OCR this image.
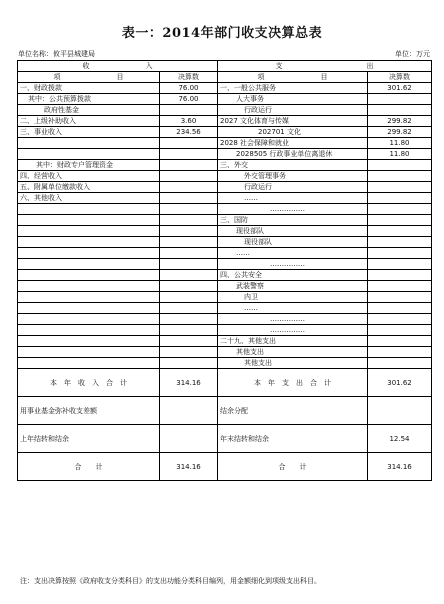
表一：2014年部门收支决算总表
单位名称：攸平县城建局	单位：万元
收　　　　　　　　入		支　　　　　　　　　　　　出	
项　　　　　　　　目	决算数	项　　　　　　　　目	决算数
一、财政拨款	76.00	一、一般公共服务	301.62
其中：公共预算拨款	76.00	人大事务	
政府性基金		行政运行	
二、上级补助收入	3.60	2027 文化体育与传媒	299.82
三、事业收入	234.56	202701 文化	299.82
		2028 社会保障和就业	11.80
		2028505 行政事业单位离退休	11.80
其中：财政专户管理资金		三、外交	
四、经营收入		外交管理事务	
五、附属单位缴款收入		行政运行	
六、其他收入		……	
		……………	
		三、国防	
		现役部队	
		现役部队	
		……	
		……………	
		四、公共安全	
		武装警察	
		内卫	
		……	
		……………	
		……………	
		二十九、其他支出	
		其他支出	
		其他支出	
本　年　收　入　合　计	314.16	本　年　支　出　合　计	301.62
用事业基金弥补收支差额		结余分配	
上年结转和结余		年末结转和结余	12.54
合　　计	314.16	合　　计	314.16
注：支出决算按照《政府收支分类科目》的支出功能分类科目编列，用金额细化到项级支出科目。
